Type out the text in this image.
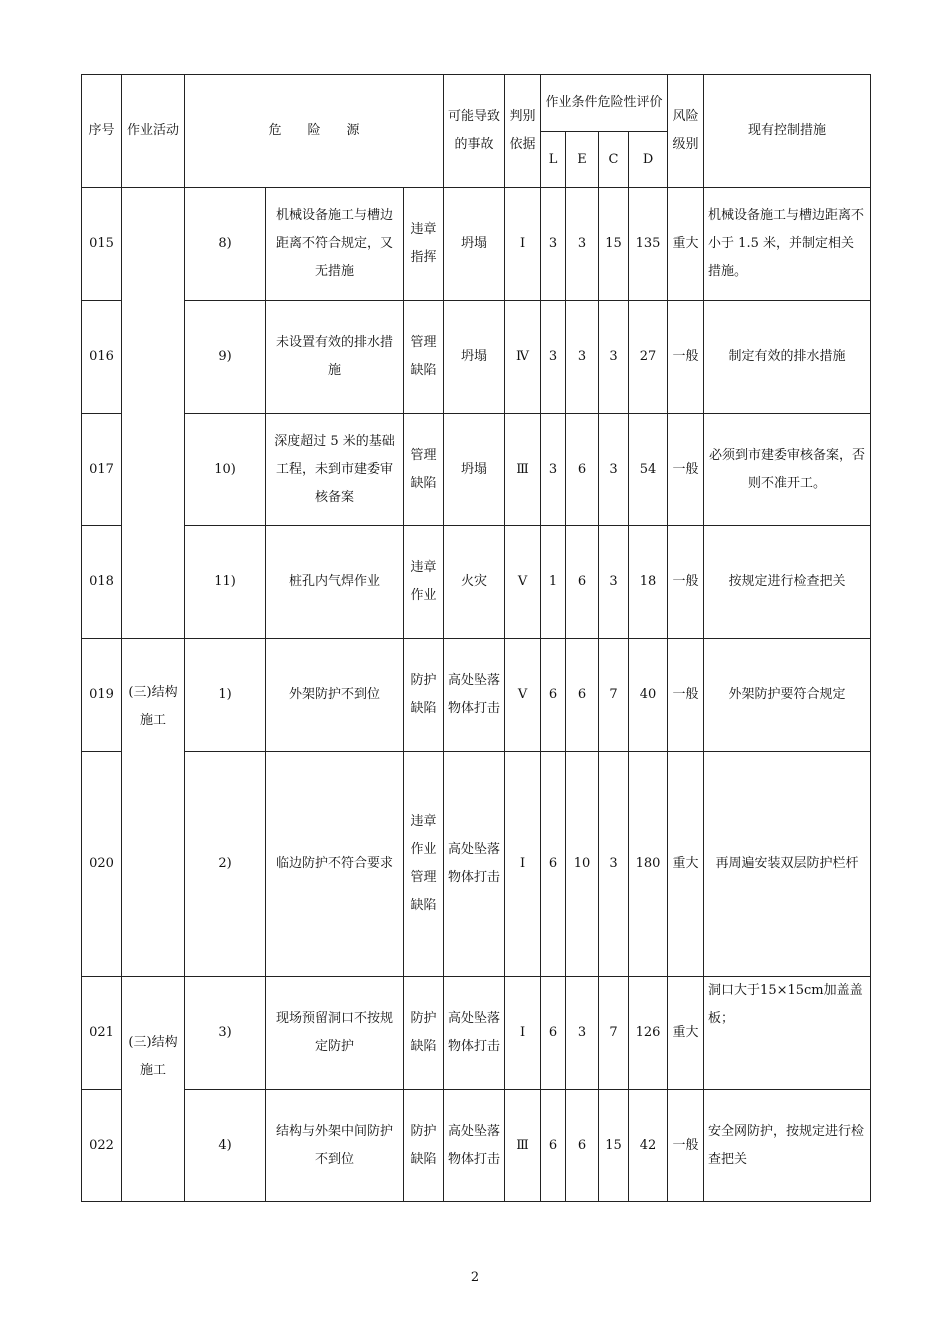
序号	作业活动	危　　险　　源			可能导致的事故	判别依据	作业条件危险性评价				风险级别	现有控制措施
							L	E	C	D		
015		8)	机械设备施工与槽边距离不符合规定，又无措施	违章指挥	坍塌	Ⅰ	3	3	15	135	重大	机械设备施工与槽边距离不小于 1.5 米，并制定相关措施。
016		9)	未设置有效的排水措施	管理缺陷	坍塌	Ⅳ	3	3	3	27	一般	制定有效的排水措施
017		10)	深度超过 5 米的基础工程，未到市建委审核备案	管理缺陷	坍塌	Ⅲ	3	6	3	54	一般	必须到市建委审核备案，否则不准开工。
018		11)	桩孔内气焊作业	违章作业	火灾	Ⅴ	1	6	3	18	一般	按规定进行检查把关
019	(三)结构施工	1)	外架防护不到位	防护缺陷	高处坠落物体打击	Ⅴ	6	6	7	40	一般	外架防护要符合规定
020		2)	临边防护不符合要求	违章作业管理缺陷	高处坠落物体打击	Ⅰ	6	10	3	180	重大	再周遍安装双层防护栏杆
021	(三)结构施工	3)	现场预留洞口不按规定防护	防护缺陷	高处坠落物体打击	Ⅰ	6	3	7	126	重大	洞口大于15×15cm加盖盖板；
022		4)	结构与外架中间防护不到位	防护缺陷	高处坠落物体打击	Ⅲ	6	6	15	42	一般	安全网防护，按规定进行检查把关
2
